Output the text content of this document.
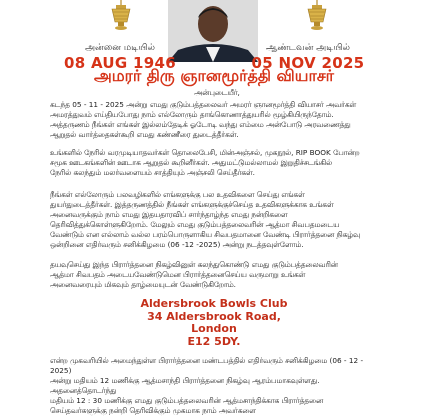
அன்னை மடியில்
08 AUG 1946
ஆண்டவன் அடியில்
05 NOV 2025
அமரர் திரு ஞானமூர்த்தி வியாசர்
அன்புடையீர்,
கடந்த 05 - 11 - 2025 அன்று எமது குடும்பத்தலைவர் அமரர் ஞானமூர்த்தி வியாசர் அவர்கள்
அமரத்துவம் எய்தியபோது நாம் எல்லோரும் தாங்கொணாத்துயரில் மூழ்கியிருந்தோம்.
அத்தருணம் நீங்கள் எங்கள் இல்லம்தேடிக் ஓடோடி வந்து எம்மை அன்போடு அரவணைத்து
ஆறுதல் வார்த்தைகள்கூறி எமது கண்ணீரை துடைத்தீர்கள்.
உங்களில் நேரில் வரமுடியாதவர்கள் தொலைபேசி, மின்அஞ்சல், முகநூல், RIP BOOK போன்ற
சமூக ஊடகங்களின் ஊடாக ஆறுதல் கூறினீர்கள். அதுமட்டுமல்லாமல் இறுதிச்சடங்கில்
நேரில் கலந்தும் மலர்வளையம் சாத்தியும் அஞ்சலி செய்தீர்கள்.
நீங்கள் எல்லோரும் பலவழிகளில் எங்களுக்கு பல உதவிகளை செய்து எங்கள்
துயர்துடைத்தீர்கள். இத்தருணத்தில் நீங்கள் எங்களுக்குச்செய்த உதவிகளுக்காக உங்கள்
அனைவருக்கும் நாம் எமது இதயதாரவிப் சார்ந்தாழ்ந்த எமது நன்றிகளை
தெரிவித்துக்கொள்ளுகிறோம். மேலும் எமது குடும்பத்தலைவரின் ஆத்மா சிவபதமடைய
வேண்டும் என எல்லாம் வல்ல பரம்பொருளாகிய சிவபதமானை வேண்டி பிரார்த்தனை நிகழ்வு
ஒன்றினை எதிர்வரும் சனிக்கிழமை (06 -12 -2025) அன்று நடத்தவுள்ளோம்.
தயவுசெய்து இந்த பிரார்த்தனை நிகழ்வினுள் கலந்துகொண்டு எமது குடும்பத்தலைவரின்
ஆத்மா சிவபதம் அடையவேண்டுமென பிரார்த்தனைசெய்ய வருமாறு உங்கள்
அனைவரையும் மிகவும் தாழ்மையுடன் வேண்டுகிறோம்.
Aldersbrook Bowls Club
34 Aldersbrook Road,
London
E12 5DY.
என்ற முகவரியில் அமைந்துள்ள பிரார்த்தனை மண்டபத்தில் எதிர்வரும் சனிக்கிழமை (06 - 12 - 2025)
அன்று மதியம் 12 மணிக்கு ஆத்மசாந்தி பிரார்த்தனை நிகழ்வு ஆரம்பமாகவுள்ளது. அதனைத்தொடர்ந்து
மதியம் 12 : 30 மணிக்கு எமது குடும்பத்தலைவரின் ஆத்மசாந்திக்காக பிரார்த்தனை
செய்தவர்களுக்கு நன்றி தெரிவிக்கும் முகமாக நாம் அவர்களை
